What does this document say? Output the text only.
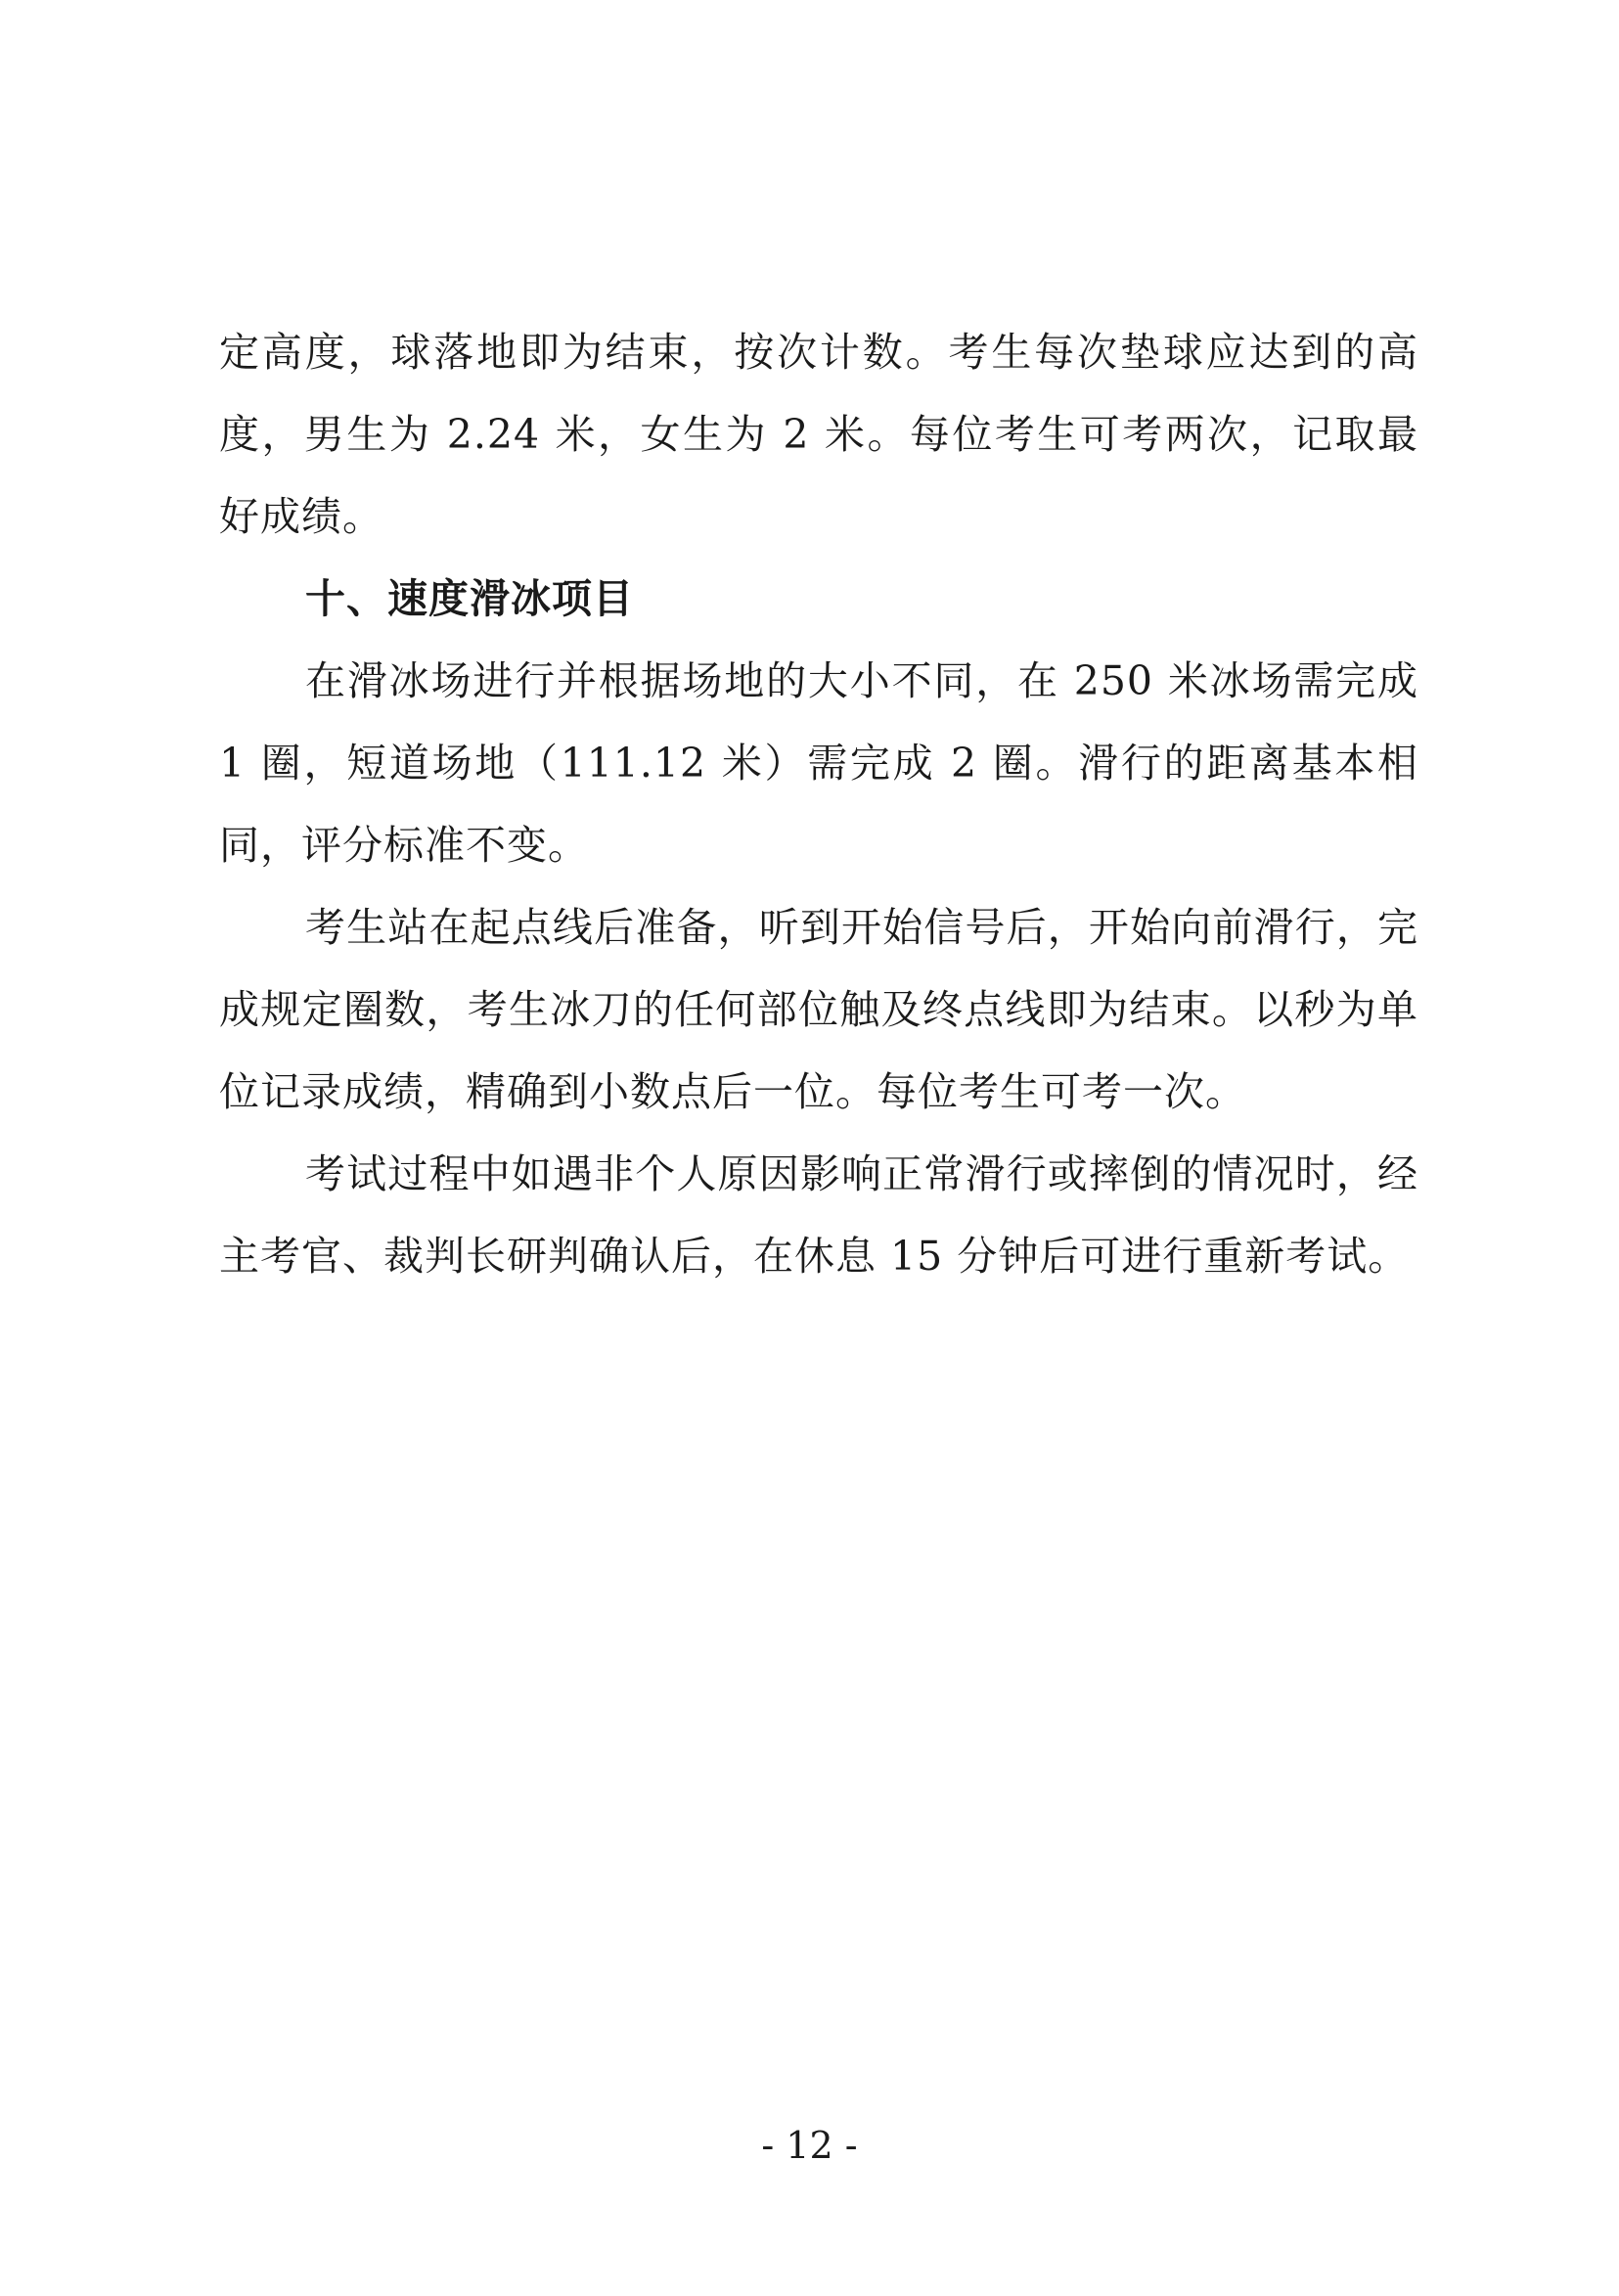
定高度，球落地即为结束，按次计数。考生每次垫球应达到的高度，男生为 2.24 米，女生为 2 米。每位考生可考两次，记取最好成绩。

十、速度滑冰项目

在滑冰场进行并根据场地的大小不同，在 250 米冰场需完成 1 圈，短道场地（111.12 米）需完成 2 圈。滑行的距离基本相同，评分标准不变。

考生站在起点线后准备，听到开始信号后，开始向前滑行，完成规定圈数，考生冰刀的任何部位触及终点线即为结束。以秒为单位记录成绩，精确到小数点后一位。每位考生可考一次。

考试过程中如遇非个人原因影响正常滑行或摔倒的情况时，经主考官、裁判长研判确认后，在休息 15 分钟后可进行重新考试。

- 12 -
